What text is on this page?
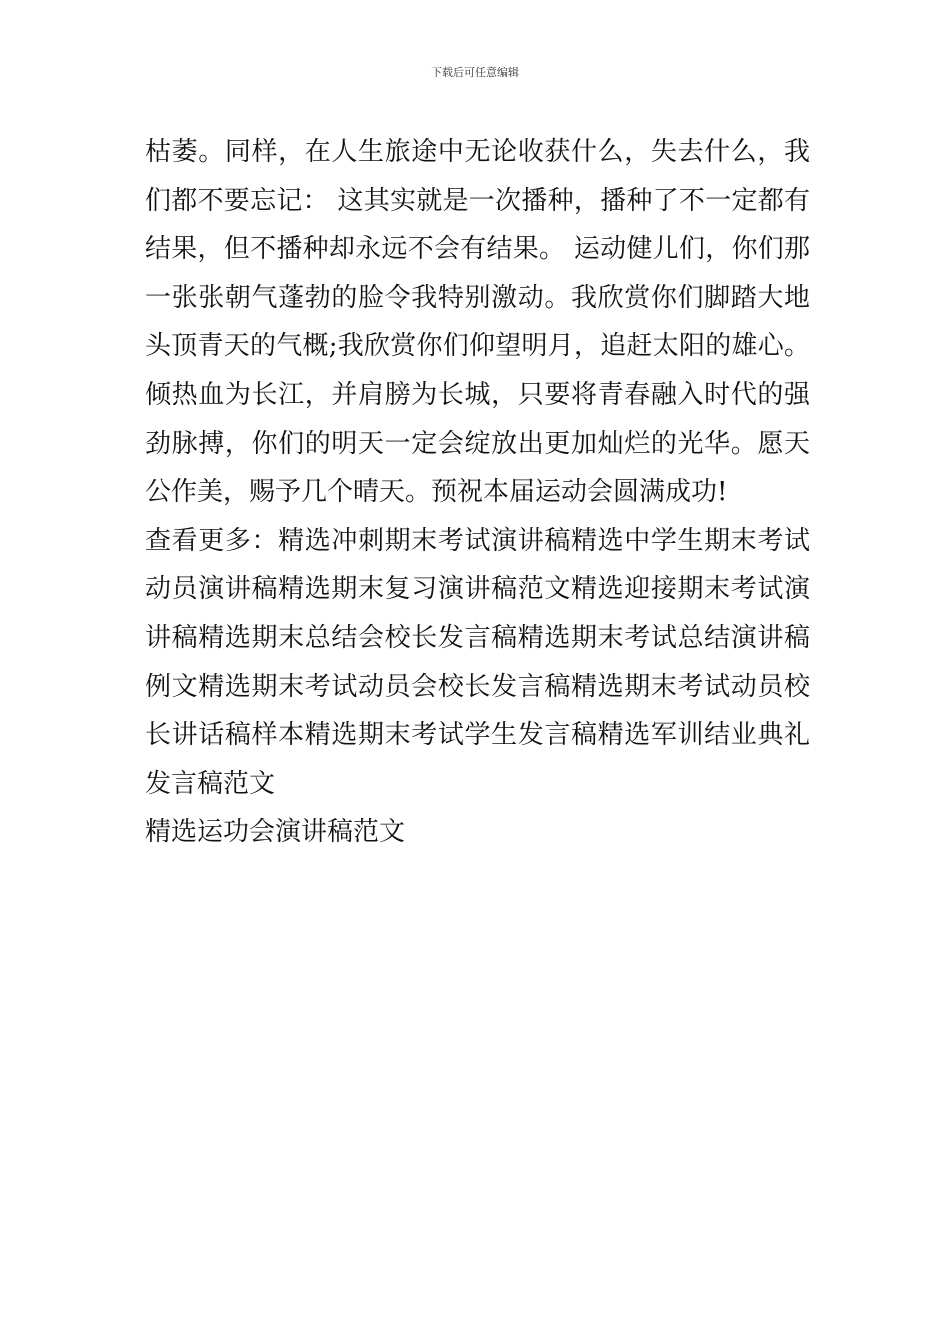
下载后可任意编辑
枯萎。同样，在人生旅途中无论收获什么，失去什么，我
们都不要忘记： 这其实就是一次播种，播种了不一定都有
结果，但不播种却永远不会有结果。 运动健儿们，你们那
一张张朝气蓬勃的脸令我特别激动。我欣赏你们脚踏大地
头顶青天的气概;我欣赏你们仰望明月，追赶太阳的雄心。
倾热血为长江，并肩膀为长城，只要将青春融入时代的强
劲脉搏，你们的明天一定会绽放出更加灿烂的光华。愿天
公作美，赐予几个晴天。预祝本届运动会圆满成功!
查看更多：精选冲刺期末考试演讲稿精选中学生期末考试
动员演讲稿精选期末复习演讲稿范文精选迎接期末考试演
讲稿精选期末总结会校长发言稿精选期末考试总结演讲稿
例文精选期末考试动员会校长发言稿精选期末考试动员校
长讲话稿样本精选期末考试学生发言稿精选军训结业典礼
发言稿范文
精选运功会演讲稿范文
